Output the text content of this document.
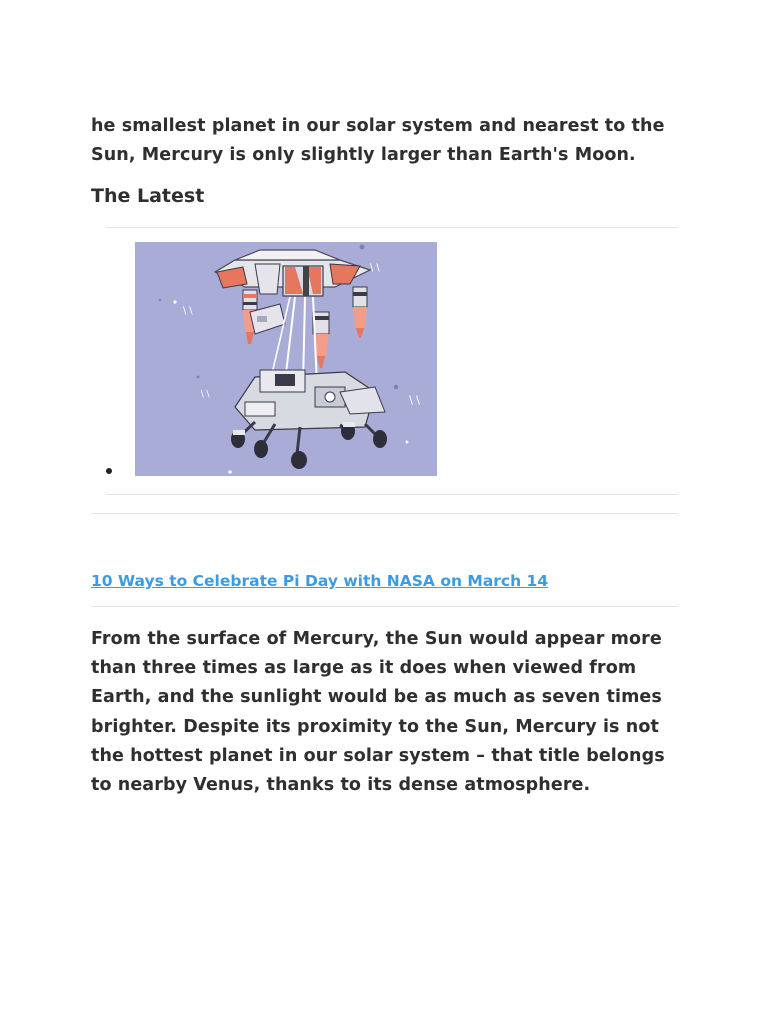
he smallest planet in our solar system and nearest to the Sun, Mercury is only slightly larger than Earth's Moon.

The Latest
∖∖
∖∖
∖∖	∖∖
10 Ways to Celebrate Pi Day with NASA on March 14

From the surface of Mercury, the Sun would appear more than three times as large as it does when viewed from Earth, and the sunlight would be as much as seven times brighter. Despite its proximity to the Sun, Mercury is not the hottest planet in our solar system – that title belongs to nearby Venus, thanks to its dense atmosphere.
